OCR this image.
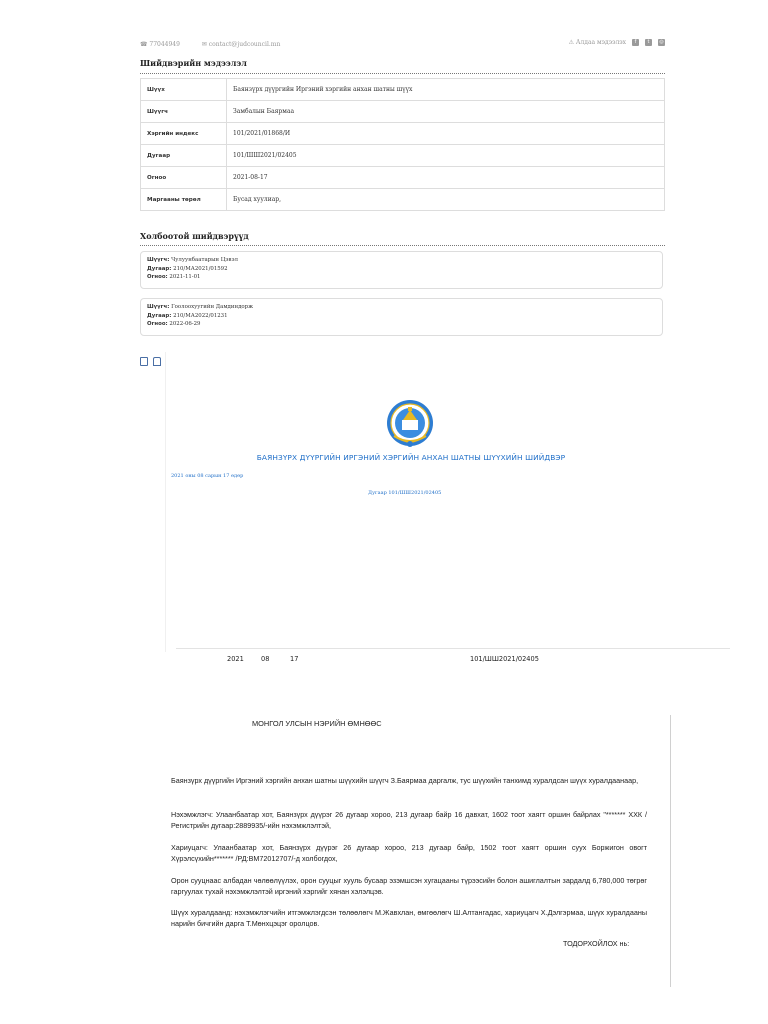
☎ 77044949	✉ contact@judcouncil.mn	⚠ Алдаа мэдээлэх	f	t	◎
Шийдвэрийн мэдээлэл
Шүүх	Баянзүрх дүүргийн Иргэний хэргийн анхан шатны шүүх
Шүүгч	Замбалын Баярмаа
Хэргийн индекс	101/2021/01868/И
Дугаар	101/ШШ2021/02405
Огноо	2021-08-17
Маргааны төрөл	Бусад хуулиар,
Холбоотой шийдвэрүүд
Шүүгч: Чулуунбаатарын Цэвэл
Дугаар: 210/МА2021/01592
Огноо: 2021-11-01
Шүүгч: Гоолоохуугийн Дамдиндорж
Дугаар: 210/МА2022/01231
Огноо: 2022-06-29
БАЯНЗҮРХ ДҮҮРГИЙН ИРГЭНИЙ ХЭРГИЙН АНХАН ШАТНЫ ШҮҮХИЙН ШИЙДВЭР
2021 оны 08 сарын 17 өдөр
Дугаар 101/ШШ2021/02405
2021	08	17	101/ШШ2021/02405
МОНГОЛ УЛСЫН НЭРИЙН ӨМНӨӨС

Баянзүрх дүүргийн Иргэний хэргийн анхан шатны шүүхийн шүүгч З.Баярмаа даргалж, тус шүүхийн танхимд хуралдсан шүүх хуралдаанаар,

Нэхэмжлэгч: Улаанбаатар хот, Баянзүрх дүүрэг 26 дугаар хороо, 213 дугаар байр 16 давхат, 1602 тоот хаягт оршин байрлах "******* ХХК /Регистрийн дугаар:2889935/-ийн нэхэмжлэлтэй,

Хариуцагч: Улаанбаатар хот, Баянзүрх дүүрэг 26 дугаар хороо, 213 дугаар байр, 1502 тоот хаягт оршин суух Боржигон овогт Хүрэлсүхийн******* /РД:ВМ72012707/-д холбогдох,

Орон сууцнаас албадан чөлөөлүүлэх, орон сууцыг хууль бусаар эзэмшсэн хугацааны түрээсийн болон ашиглалтын зардалд 6,780,000 төгрөг гаргуулах тухай нэхэмжлэлтэй иргэний хэргийг хянан хэлэлцэв.

Шүүх хуралдаанд: нэхэмжлэгчийн итгэмжлэгдсэн төлөөлөгч М.Жавхлан, өмгөөлөгч Ш.Алтангадас, хариуцагч Х.Дэлгэрмаа, шүүх хуралдааны нарийн бичгийн дарга Т.Мөнхцэцэг оролцов.

ТОДОРХОЙЛОХ нь:
